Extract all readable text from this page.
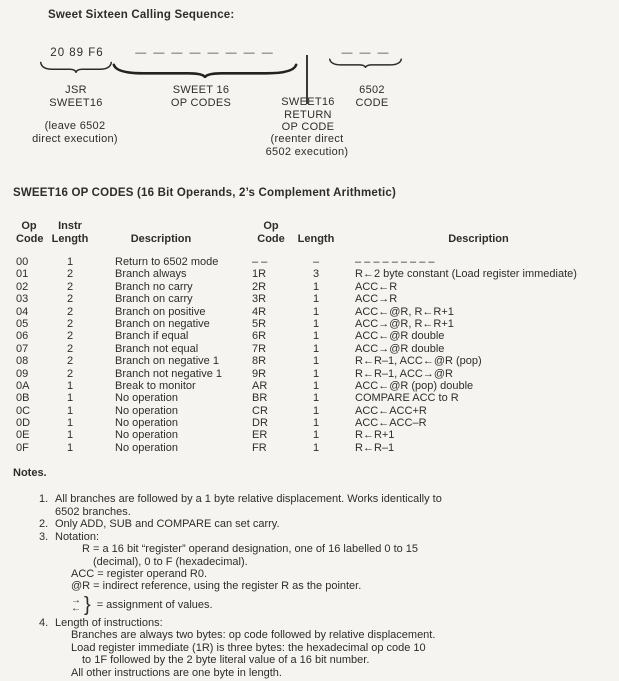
Sweet Sixteen Calling Sequence:
20 89 F6	— — — — — — — —	— — —
JSR
SWEET16
SWEET 16
OP CODES
6502
CODE
SWEET16
RETURN
OP CODE
(leave 6502
direct execution)	(reenter direct
6502 execution)
SWEET16 OP CODES (16 Bit Operands, 2’s Complement Arithmetic)
Op
Code
Instr
Length	Description
Op
Code	Length	Description
00	1	Return to 6502 mode	– –	–	– – – – – – – – –
01	2	Branch always	1R	3	R←2 byte constant (Load register immediate)
02	2	Branch no carry	2R	1	ACC←R
03	2	Branch on carry	3R	1	ACC→R
04	2	Branch on positive	4R	1	ACC←@R, R←R+1
05	2	Branch on negative	5R	1	ACC→@R, R←R+1
06	2	Branch if equal	6R	1	ACC←@R double
07	2	Branch not equal	7R	1	ACC→@R double
08	2	Branch on negative 1	8R	1	R←R–1, ACC←@R (pop)
09	2	Branch not negative 1	9R	1	R←R–1, ACC→@R
0A	1	Break to monitor	AR	1	ACC←@R (pop) double
0B	1	No operation	BR	1	COMPARE ACC to R
0C	1	No operation	CR	1	ACC←ACC+R
0D	1	No operation	DR	1	ACC←ACC–R
0E	1	No operation	ER	1	R←R+1
0F	1	No operation	FR	1	R←R–1
Notes.
1. All branches are followed by a 1 byte relative displacement. Works identically to
6502 branches.
2. Only ADD, SUB and COMPARE can set carry.
3. Notation:
R = a 16 bit “register” operand designation, one of 16 labelled 0 to 15
(decimal), 0 to F (hexadecimal).
ACC = register operand R0.
@R = indirect reference, using the register R as the pointer.
→
← } = assignment of values.
4. Length of instructions:
Branches are always two bytes: op code followed by relative displacement.
Load register immediate (1R) is three bytes: the hexadecimal op code 10
to 1F followed by the 2 byte literal value of a 16 bit number.
All other instructions are one byte in length.
